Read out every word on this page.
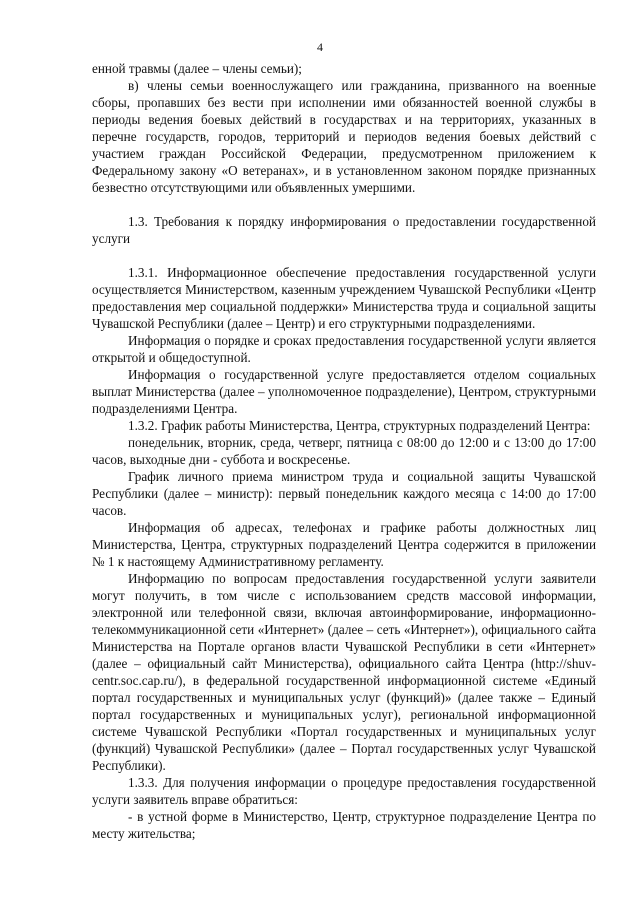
4

енной травмы (далее – члены семьи);

в) члены семьи военнослужащего или гражданина, призванного на военные сборы, пропавших без вести при исполнении ими обязанностей военной службы в периоды ведения боевых действий в государствах и на территориях, указанных в перечне государств, городов, территорий и периодов ведения боевых действий с участием граждан Российской Федерации, предусмотренном приложением к Федеральному закону «О ветеранах», и в установленном законом порядке признанных безвестно отсутствующими или объявленных умершими.

1.3. Требования к порядку информирования о предоставлении государственной услуги

1.3.1. Информационное обеспечение предоставления государственной услуги осуществляется Министерством, казенным учреждением Чувашской Республики «Центр предоставления мер социальной поддержки» Министерства труда и социальной защиты Чувашской Республики (далее – Центр) и его структурными подразделениями.

Информация о порядке и сроках предоставления государственной услуги является открытой и общедоступной.

Информация о государственной услуге предоставляется отделом социальных выплат Министерства (далее – уполномоченное подразделение), Центром, структурными подразделениями Центра.

1.3.2. График работы Министерства, Центра, структурных подразделений Центра:

понедельник, вторник, среда, четверг, пятница с 08:00 до 12:00 и с 13:00 до 17:00 часов, выходные дни - суббота и воскресенье.

График личного приема министром труда и социальной защиты Чувашской Республики (далее – министр): первый понедельник каждого месяца с 14:00 до 17:00 часов.

Информация об адресах, телефонах и графике работы должностных лиц Министерства, Центра, структурных подразделений Центра содержится в приложении № 1 к настоящему Административному регламенту.

Информацию по вопросам предоставления государственной услуги заявители могут получить, в том числе с использованием средств массовой информации, электронной или телефонной связи, включая автоинформирование, информационно-телекоммуникационной сети «Интернет» (далее – сеть «Интернет»), официального сайта Министерства на Портале органов власти Чувашской Республики в сети «Интернет» (далее – официальный сайт Министерства), официального сайта Центра (http://shuv-centr.soc.cap.ru/), в федеральной государственной информационной системе «Единый портал государственных и муниципальных услуг (функций)» (далее также – Единый портал государственных и муниципальных услуг), региональной информационной системе Чувашской Республики «Портал государственных и муниципальных услуг (функций) Чувашской Республики» (далее – Портал государственных услуг Чувашской Республики).

1.3.3. Для получения информации о процедуре предоставления государственной услуги заявитель вправе обратиться:

- в устной форме в Министерство, Центр, структурное подразделение Центра по месту жительства;
